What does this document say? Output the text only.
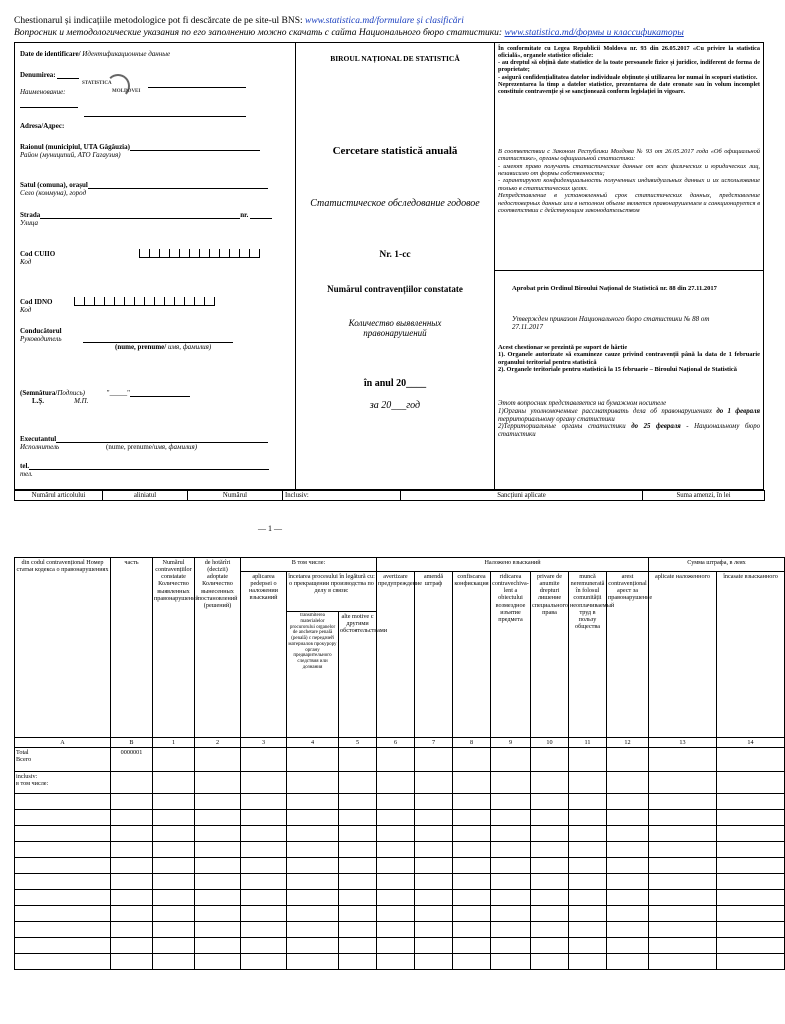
Chestionarul și indicațiile metodologice pot fi descărcate de pe site-ul BNS: www.statistica.md/formulare și clasificări
Вопросник и методологические указания по его заполнению можно скачать с сайта Национального бюро статистики: www.statistica.md/формы и классификаторы

Date de identificare/ Идентификационные данные

Denumirea:

Наименование:

STATISTICA
MOLDOVEI
Adresa/Адрес:

Raionul (municipiul, UTA Găgăuzia)

Район (муниципий, АТО Гагаузия)

Satul (comuna), orașul

Село (коммуна), город

Strada	nr.

Улица

Cod CUIIO

Код

Cod IDNO

Код

Conducătorul

Руководитель

(nume, prenume/ имя, фамилия)

(Semnătura/Подпись)	"_____"

L.Ș.	М.П.

Executantul

Исполнитель	(nume, prenume/имя, фамилия)

tel.

тел.

BIROUL NAȚIONAL DE STATISTICĂ
Cercetare statistică anuală
Статистическое обследование годовое
Nr. 1-cc
Numărul contravențiilor constatate
Количество выявленных правонарушений
în anul 20____
за 20___год

În conformitate cu Legea Republicii Moldova nr. 93 din 26.05.2017 «Cu privire la statistica oficială», organele statistice oficiale:

- au dreptul să obțină date statistice de la toate persoanele fizice și juridice, indiferent de forma de proprietate;

- asigură confidențialitatea datelor individuale obținute și utilizarea lor numai în scopuri statistice.

Neprezentarea la timp a datelor statistice, prezentarea de date eronate sau în volum incomplet constituie contravenție și se sancționează conform legislației în vigoare.

В соответствии с Законом Республики Молдова № 93 от 26.05.2017 года «Об официальной статистике», органы официальной статистики:

- имеют право получать статистические данные от всех физических и юридических лиц, независимо от формы собственности;

- гарантируют конфиденциальность полученных индивидуальных данных и их использование только в статистических целях.

Непредставление в установленный срок статистических данных, представление недостоверных данных или в неполном объеме является правонарушением и санкционируется в соответствии с действующим законодательством

Aprobat prin Ordinul Biroului Național de Statistică nr. 88 din 27.11.2017
Утвержден приказом Национального бюро статистики № 88 от 27.11.2017

Acest chestionar se prezintă pe suport de hârtie

1). Organele autorizate să examineze cauze privind contravenții până la data de 1 februarie organului teritorial pentru statistică

2). Organele teritoriale pentru statistică la 15 februarie – Biroului Național de Statistică

Этот вопросник представляется на бумажном носителе

1)Органы уполномоченные рассматривать дела об правонарушениях до 1 февраля территориальному органу статистики

2)Территориальные органы статистики до 25 февраля - Национальному бюро статистики

Numărul articolului	aliniatul	Numărul	Inclusiv:	Sancțiuni aplicate	Suma amenzi, în lei
— 1 —
din codul contravențional Номер статьи кодекса о правонарушениях	часть	Numărul contravențiilor constatate Количество выявленных правонарушений	de hotărîri (decizii) adoptate Количество вынесенных постановлений (решений)	В том числе:			Наложено взысканий							Сумма штрафа, в леях	
				aplicarea pedepsei о наложении взысканий	încetarea procesului în legătură cu: о прекращении производства по делу в связи:		avertizare предупреждение	amendă штраф	confiscarea конфискация	ridicarea contravechiva-lent a obiectului возмездное изъятие предмета	privare de anumite drepturi лишение специального права	muncă neremunerată în folosul comunității неоплачиваемый труд в пользу общества	arest contravențional арест за правонарушение	aplicate наложенного	încasate взысканного
					transmiterea materialelor procurorului organelor de anchetare penală (penală) с передачей материалов прокурору органу предварительного следствия или дознания	alte motive с другими обстоятельствами									
A	B	1	2	3	4	5	6	7	8	9	10	11	12	13	14
Total
Всего	0000001														
inclusiv:
в том числе:															
